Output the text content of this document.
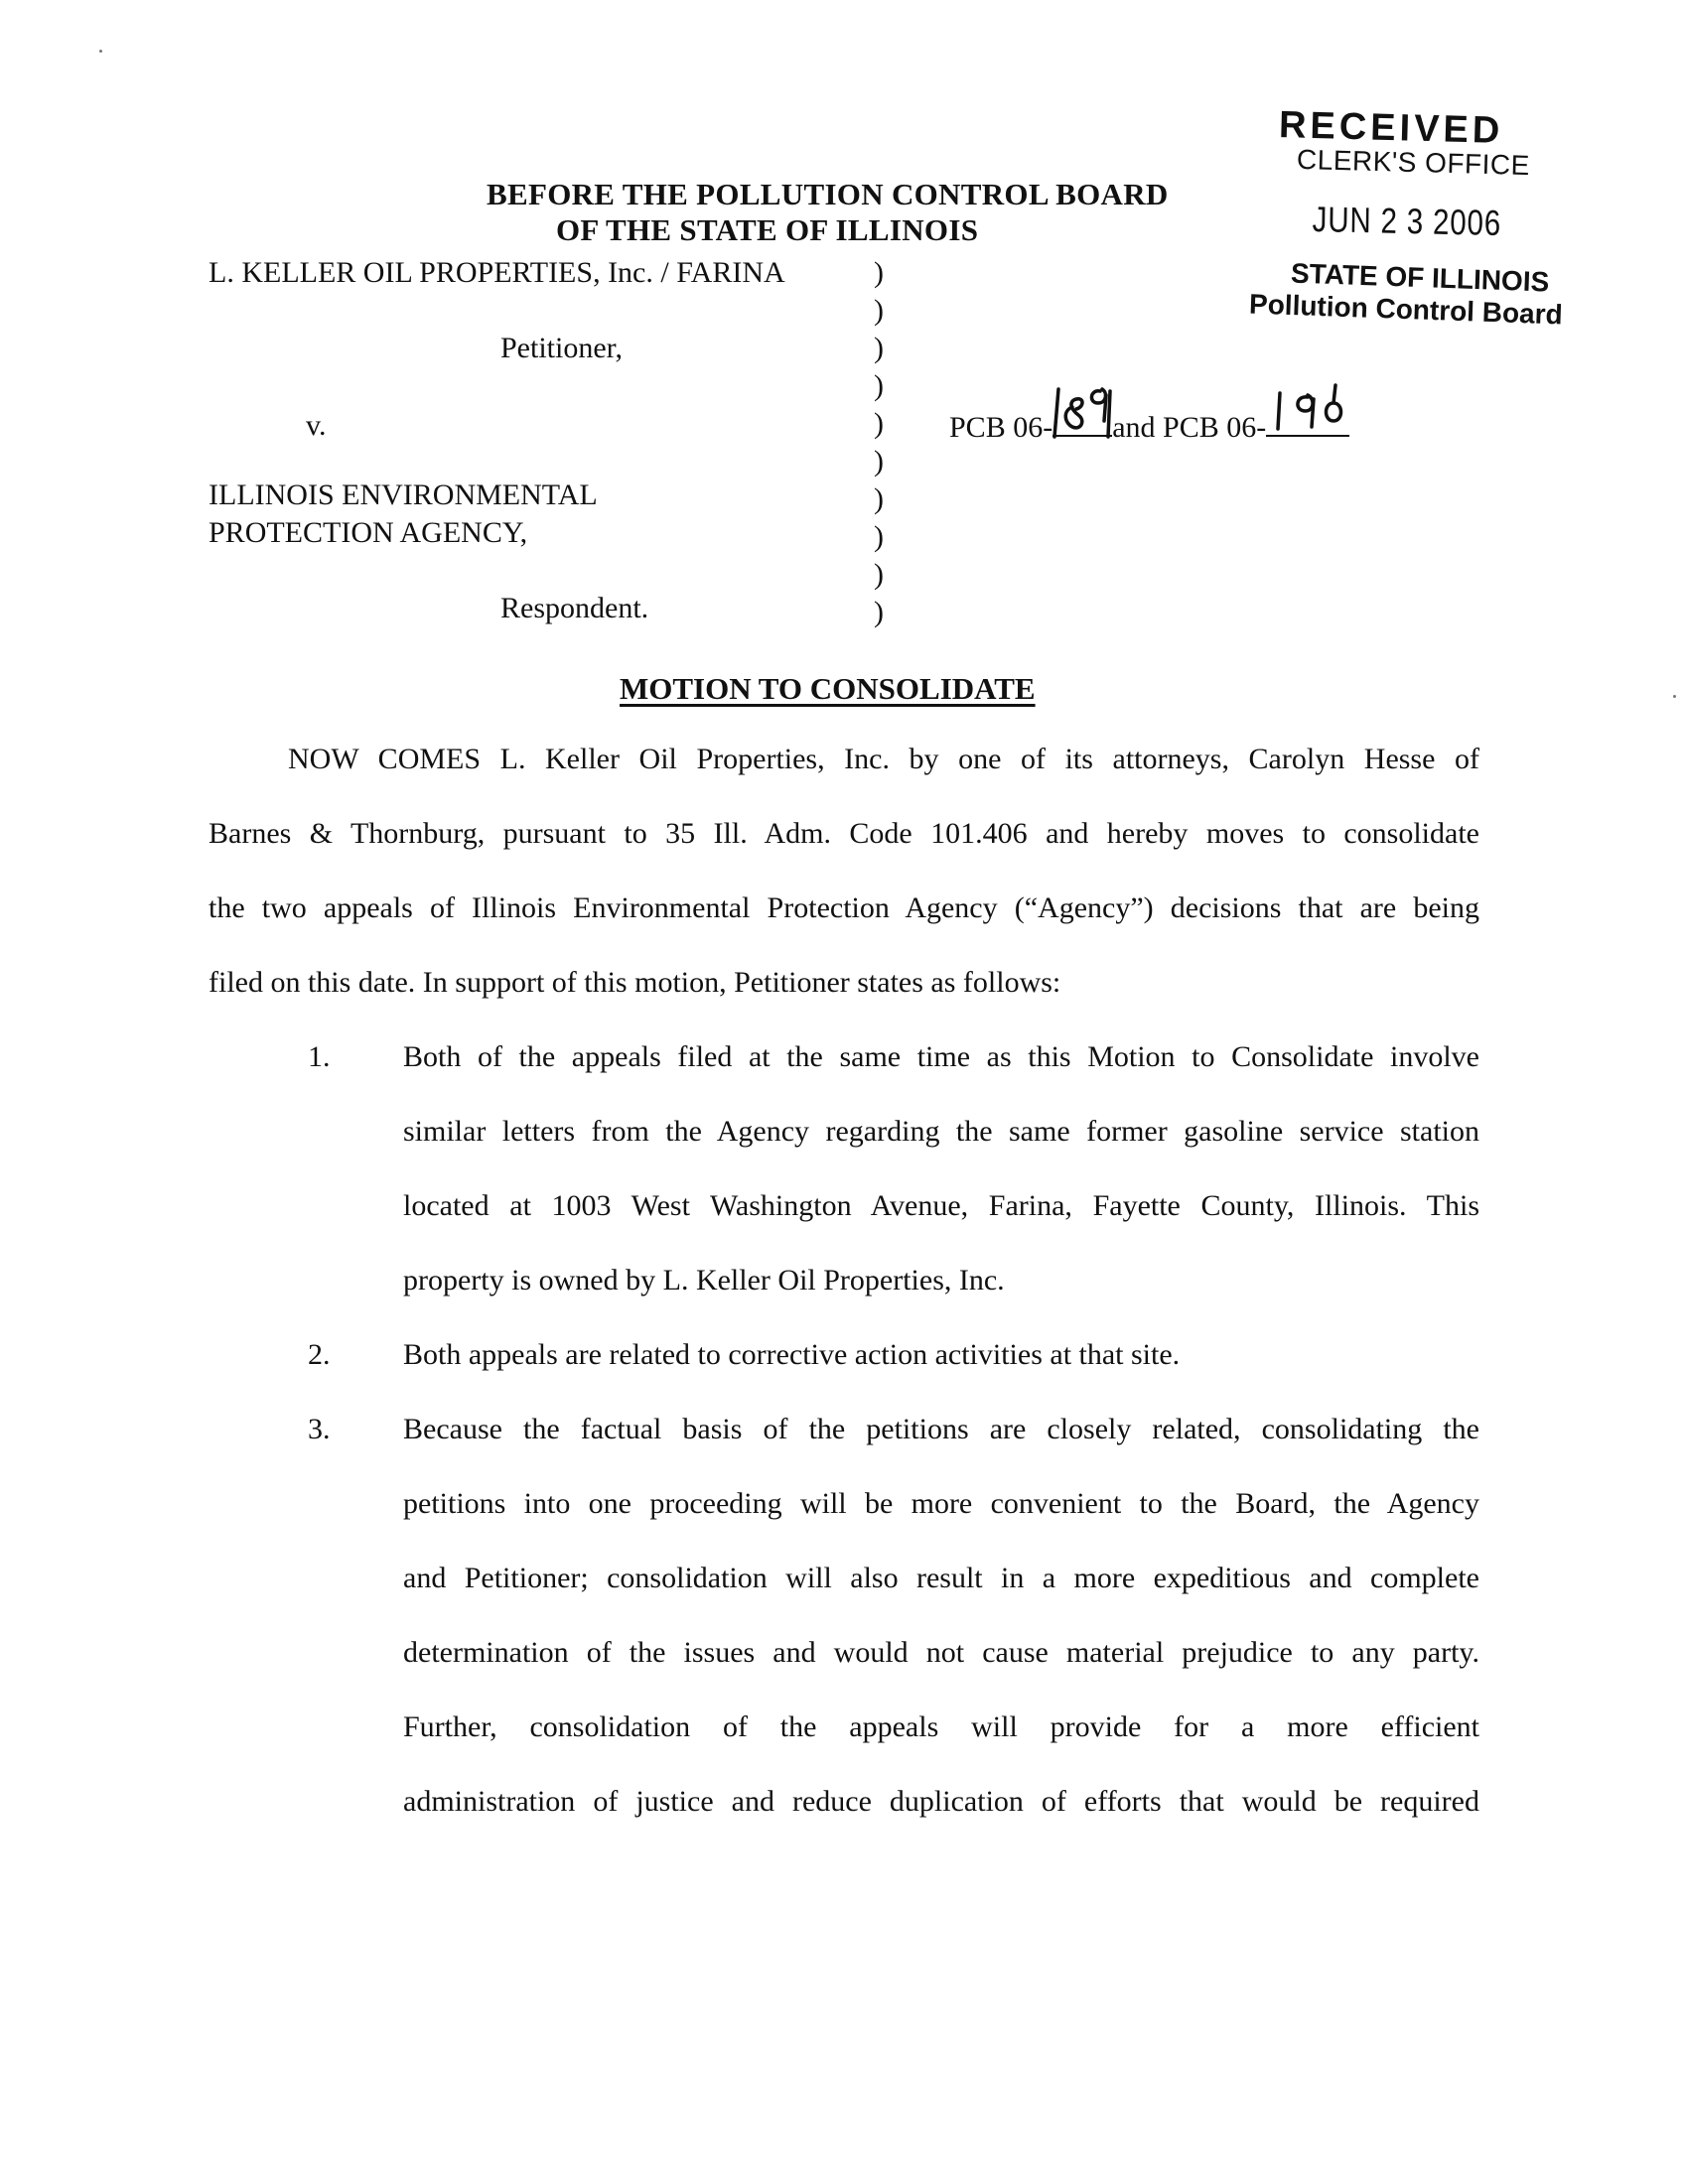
RECEIVED
CLERK'S OFFICE
JUN 2 3 2006
STATE OF ILLINOIS
Pollution Control Board
BEFORE THE POLLUTION CONTROL BOARD
OF THE STATE OF ILLINOIS
L. KELLER OIL PROPERTIES, Inc. / FARINA
Petitioner,
v.
ILLINOIS ENVIRONMENTAL
PROTECTION AGENCY,
Respondent.
)
)
)
)
)
)
)
)
)
)
PCB 06- and PCB 06-
MOTION TO CONSOLIDATE
NOW COMES L. Keller Oil Properties, Inc. by one of its attorneys, Carolyn Hesse of
Barnes & Thornburg, pursuant to 35 Ill. Adm. Code 101.406 and hereby moves to consolidate
the two appeals of Illinois Environmental Protection Agency (“Agency”) decisions that are being
filed on this date. In support of this motion, Petitioner states as follows:
1. Both of the appeals filed at the same time as this Motion to Consolidate involve
similar letters from the Agency regarding the same former gasoline service station
located at 1003 West Washington Avenue, Farina, Fayette County, Illinois. This
property is owned by L. Keller Oil Properties, Inc.
2. Both appeals are related to corrective action activities at that site.
3. Because the factual basis of the petitions are closely related, consolidating the
petitions into one proceeding will be more convenient to the Board, the Agency
and Petitioner; consolidation will also result in a more expeditious and complete
determination of the issues and would not cause material prejudice to any party.
Further, consolidation of the appeals will provide for a more efficient
administration of justice and reduce duplication of efforts that would be required
